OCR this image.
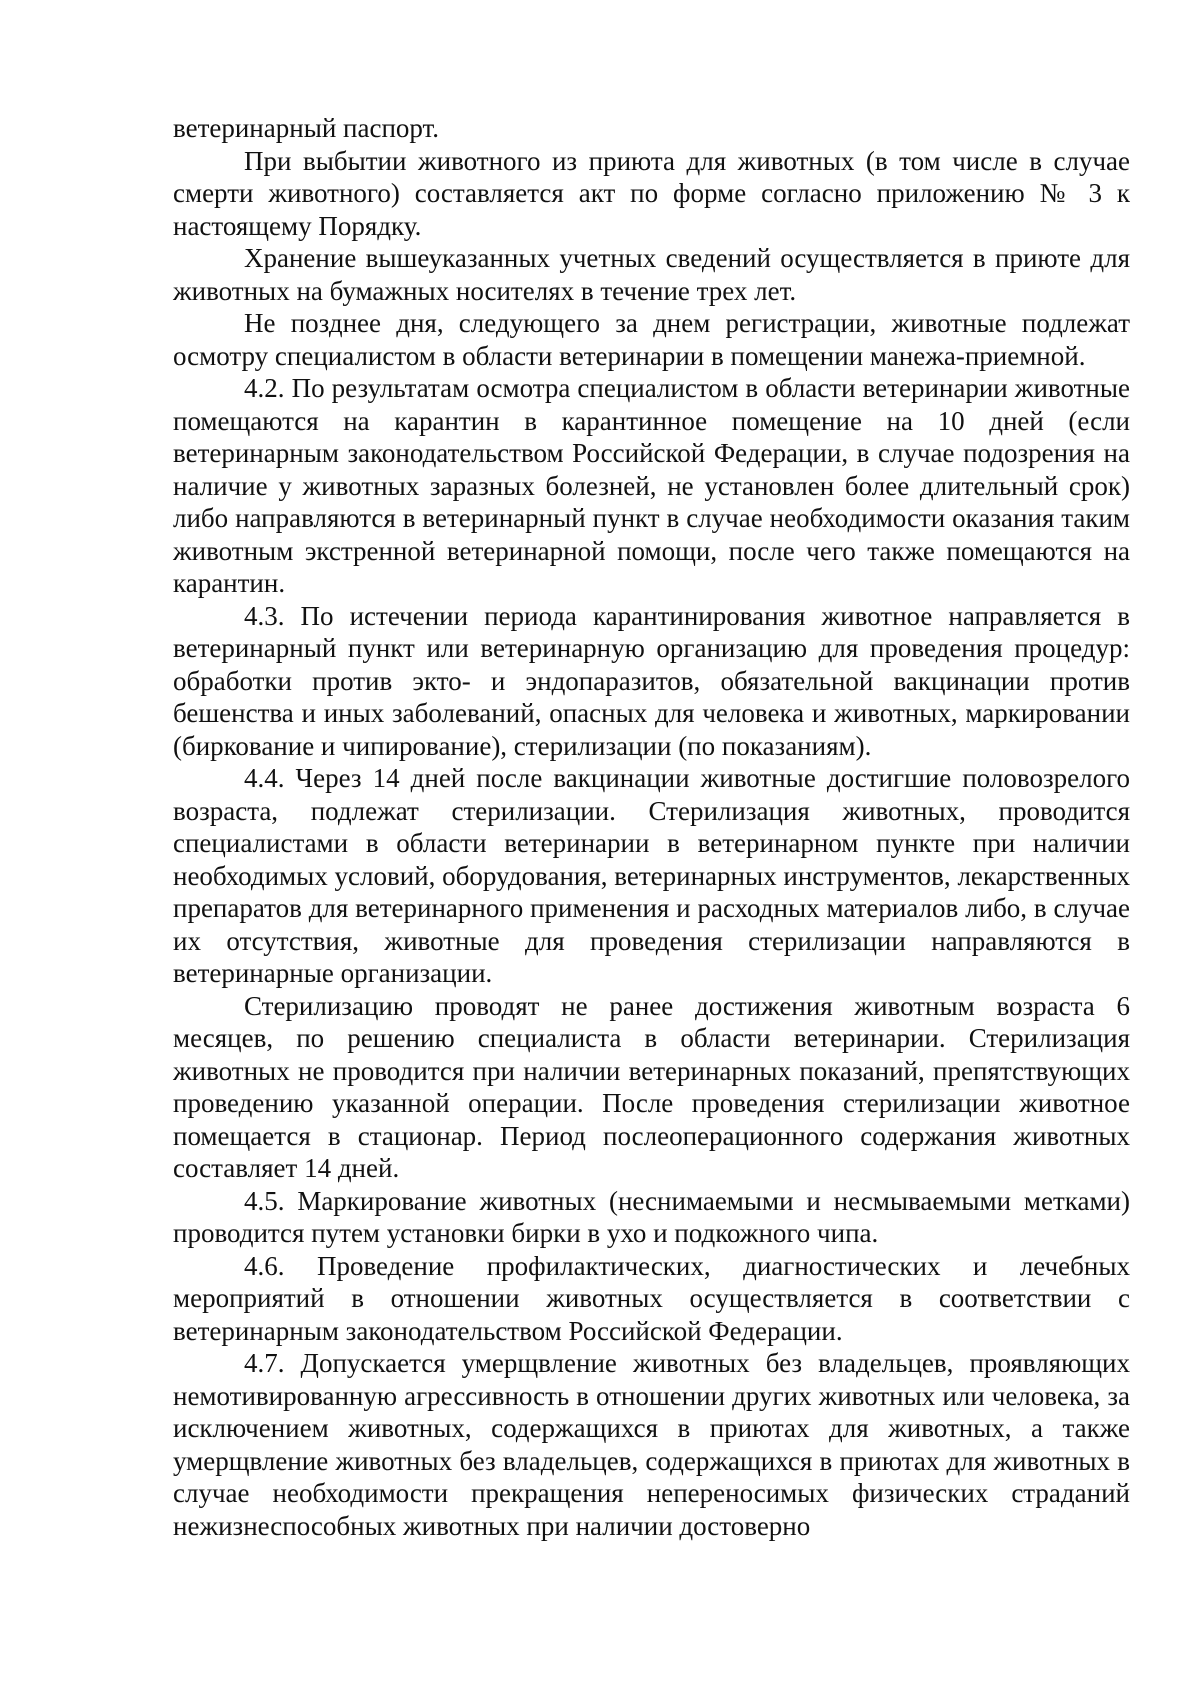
ветеринарный паспорт.

При выбытии животного из приюта для животных (в том числе в случае смерти животного) составляется акт по форме согласно приложению № 3 к настоящему Порядку.

Хранение вышеуказанных учетных сведений осуществляется в приюте для животных на бумажных носителях в течение трех лет.

Не позднее дня, следующего за днем регистрации, животные подлежат осмотру специалистом в области ветеринарии в помещении манежа-приемной.

4.2. По результатам осмотра специалистом в области ветеринарии животные помещаются на карантин в карантинное помещение на 10 дней (если ветеринарным законодательством Российской Федерации, в случае подозрения на наличие у животных заразных болезней, не установлен более длительный срок) либо направляются в ветеринарный пункт в случае необходимости оказания таким животным экстренной ветеринарной помощи, после чего также помещаются на карантин.

4.3. По истечении периода карантинирования животное направляется в ветеринарный пункт или ветеринарную организацию для проведения процедур: обработки против экто- и эндопаразитов, обязательной вакцинации против бешенства и иных заболеваний, опасных для человека и животных, маркировании (биркование и чипирование), стерилизации (по показаниям).

4.4. Через 14 дней после вакцинации животные достигшие половозрелого возраста, подлежат стерилизации. Стерилизация животных, проводится специалистами в области ветеринарии в ветеринарном пункте при наличии необходимых условий, оборудования, ветеринарных инструментов, лекарственных препаратов для ветеринарного применения и расходных материалов либо, в случае их отсутствия, животные для проведения стерилизации направляются в ветеринарные организации.

Стерилизацию проводят не ранее достижения животным возраста 6 месяцев, по решению специалиста в области ветеринарии. Стерилизация животных не проводится при наличии ветеринарных показаний, препятствующих проведению указанной операции. После проведения стерилизации животное помещается в стационар. Период послеоперационного содержания животных составляет 14 дней.

4.5. Маркирование животных (неснимаемыми и несмываемыми метками) проводится путем установки бирки в ухо и подкожного чипа.

4.6. Проведение профилактических, диагностических и лечебных мероприятий в отношении животных осуществляется в соответствии с ветеринарным законодательством Российской Федерации.

4.7. Допускается умерщвление животных без владельцев, проявляющих немотивированную агрессивность в отношении других животных или человека, за исключением животных, содержащихся в приютах для животных, а также умерщвление животных без владельцев, содержащихся в приютах для животных в случае необходимости прекращения непереносимых физических страданий нежизнеспособных животных при наличии достоверно
